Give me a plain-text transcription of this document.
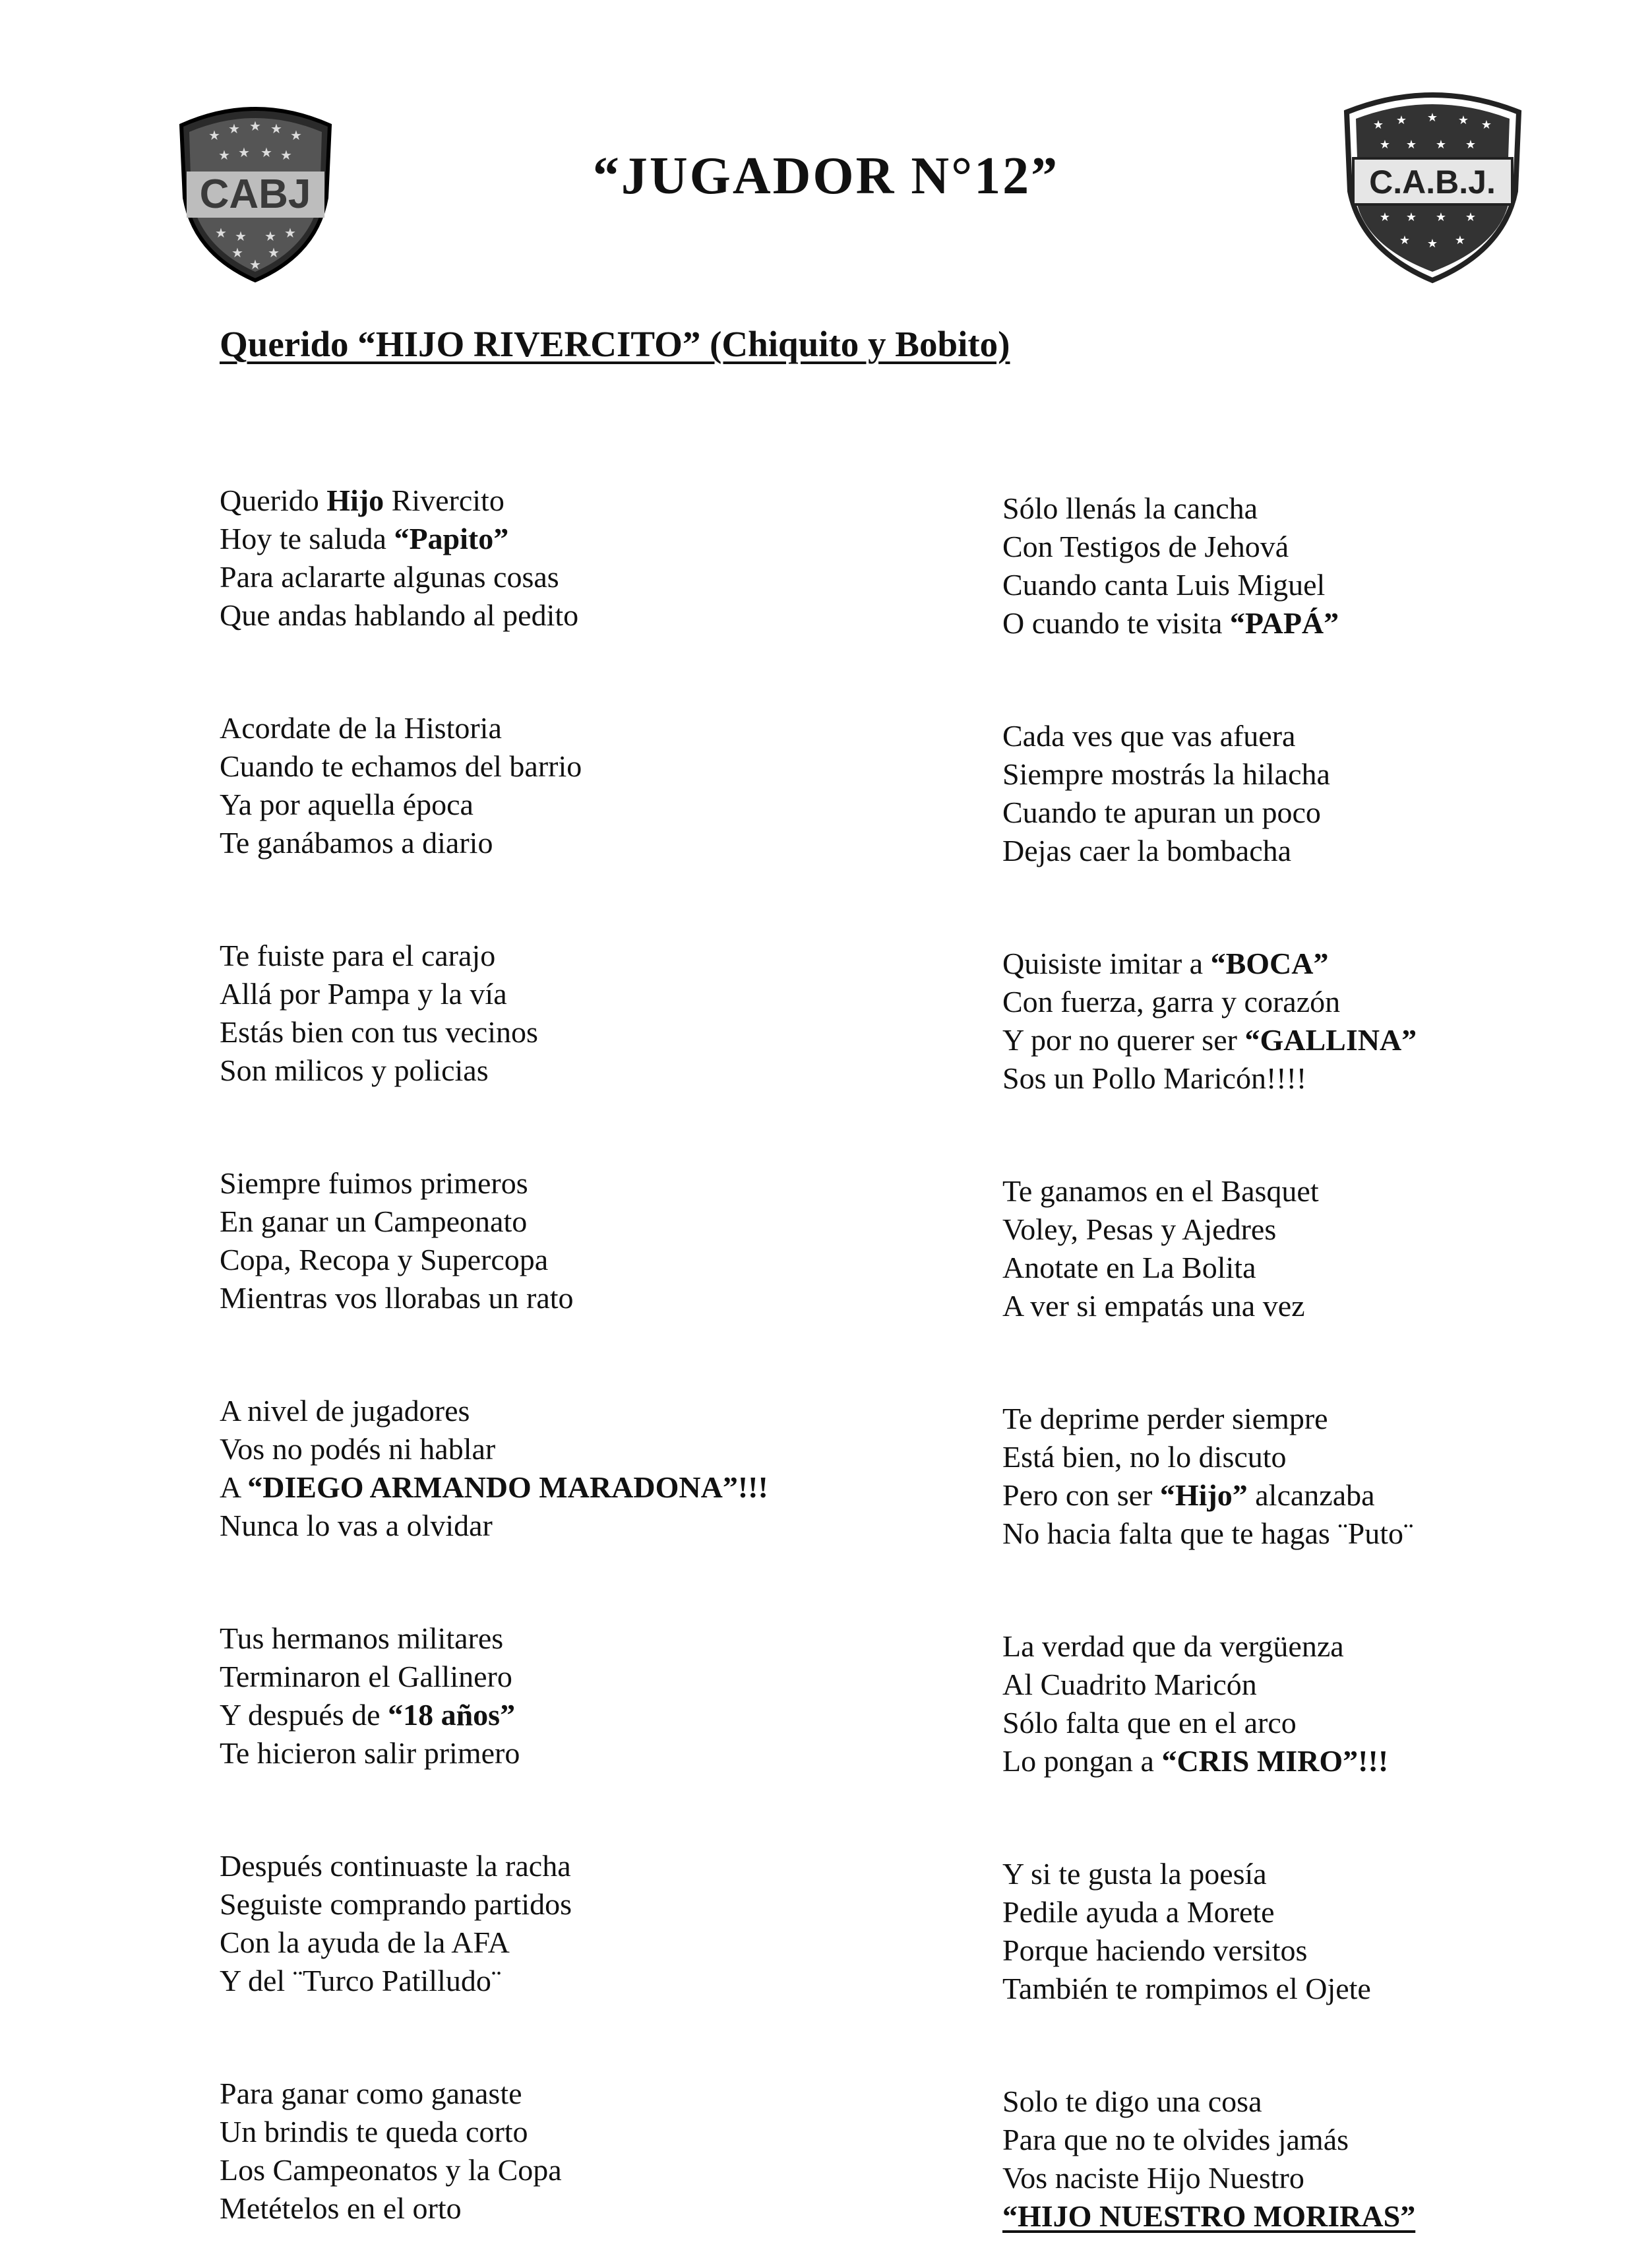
CABJ
★ ★ ★ ★ ★
★ ★ ★ ★
★ ★ ★ ★
★ ★
★
C.A.B.J.
★ ★ ★ ★ ★
★ ★ ★ ★
★ ★ ★ ★
★ ★ ★
“JUGADOR N°12”
Querido “HIJO RIVERCITO” (Chiquito y Bobito)
Querido Hijo Rivercito
Hoy te saluda “Papito”
Para aclararte algunas cosas
Que andas hablando al pedito
Sólo llenás la cancha
Con Testigos de Jehová
Cuando canta Luis Miguel
O cuando te visita “PAPÁ”
Acordate de la Historia
Cuando te echamos del barrio
Ya por aquella época
Te ganábamos a diario
Cada ves que vas afuera
Siempre mostrás la hilacha
Cuando te apuran un poco
Dejas caer la bombacha
Te fuiste para el carajo
Allá por Pampa y la vía
Estás bien con tus vecinos
Son milicos y policias
Quisiste imitar a “BOCA”
Con fuerza, garra y corazón
Y por no querer ser “GALLINA”
Sos un Pollo Maricón!!!!
Siempre fuimos primeros
En ganar un Campeonato
Copa, Recopa y Supercopa
Mientras vos llorabas un rato
Te ganamos en el Basquet
Voley, Pesas y Ajedres
Anotate en La Bolita
A ver si empatás una vez
A nivel de jugadores
Vos no podés ni hablar
A “DIEGO ARMANDO MARADONA”!!!
Nunca lo vas a olvidar
Te deprime perder siempre
Está bien, no lo discuto
Pero con ser “Hijo” alcanzaba
No hacia falta que te hagas ¨Puto¨
Tus hermanos militares
Terminaron el Gallinero
Y después de “18 años”
Te hicieron salir primero
La verdad que da vergüenza
Al Cuadrito Maricón
Sólo falta que en el arco
Lo pongan a “CRIS MIRO”!!!
Después continuaste la racha
Seguiste comprando partidos
Con la ayuda de la AFA
Y del ¨Turco Patilludo¨
Y si te gusta la poesía
Pedile ayuda a Morete
Porque haciendo versitos
También te rompimos el Ojete
Para ganar como ganaste
Un brindis te queda corto
Los Campeonatos y la Copa
Metételos en el orto
Solo te digo una cosa
Para que no te olvides jamás
Vos naciste Hijo Nuestro
“HIJO NUESTRO MORIRAS”
